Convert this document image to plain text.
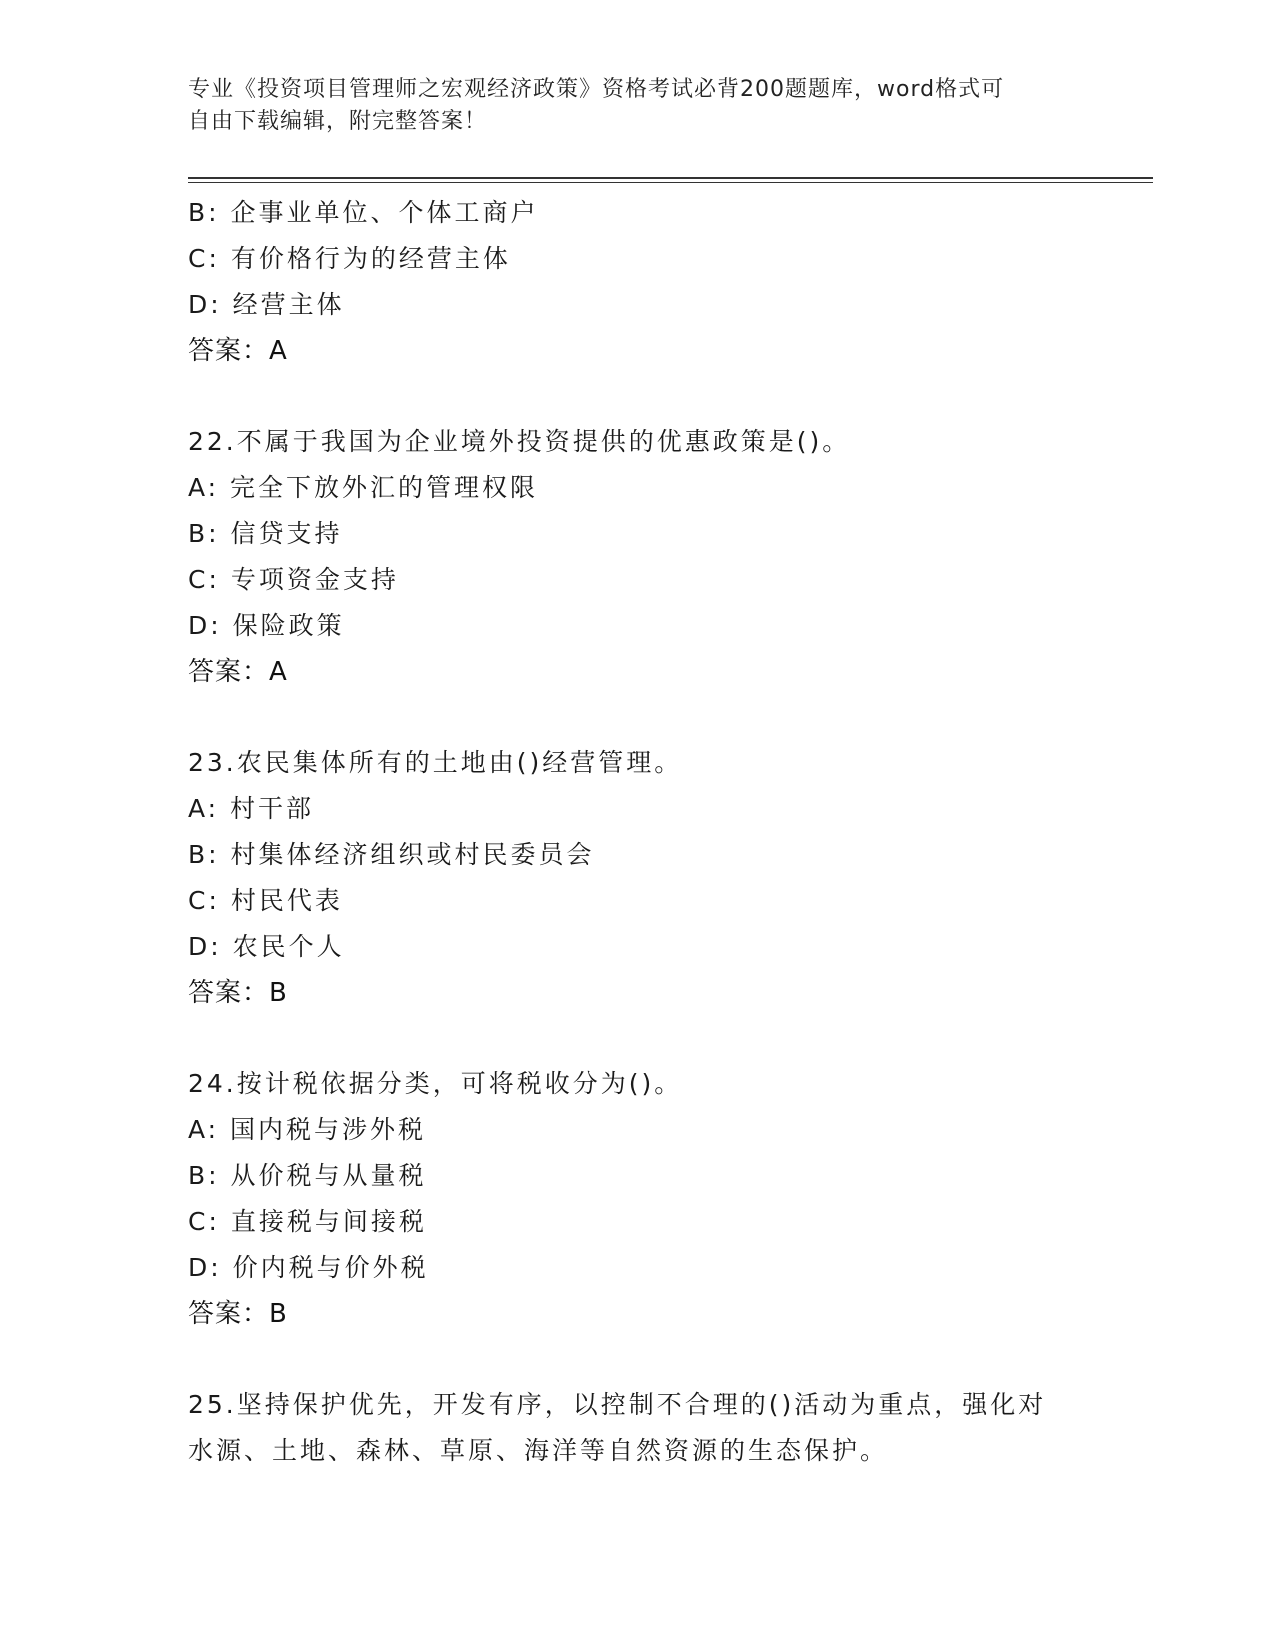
专业《投资项目管理师之宏观经济政策》资格考试必背200题题库，word格式可
自由下载编辑，附完整答案！
B: 企事业单位、个体工商户
C: 有价格行为的经营主体
D: 经营主体
答案：A
22.不属于我国为企业境外投资提供的优惠政策是()。
A: 完全下放外汇的管理权限
B: 信贷支持
C: 专项资金支持
D: 保险政策
答案：A
23.农民集体所有的土地由()经营管理。
A: 村干部
B: 村集体经济组织或村民委员会
C: 村民代表
D: 农民个人
答案：B
24.按计税依据分类，可将税收分为()。
A: 国内税与涉外税
B: 从价税与从量税
C: 直接税与间接税
D: 价内税与价外税
答案：B
25.坚持保护优先，开发有序，以控制不合理的()活动为重点，强化对
水源、土地、森林、草原、海洋等自然资源的生态保护。
